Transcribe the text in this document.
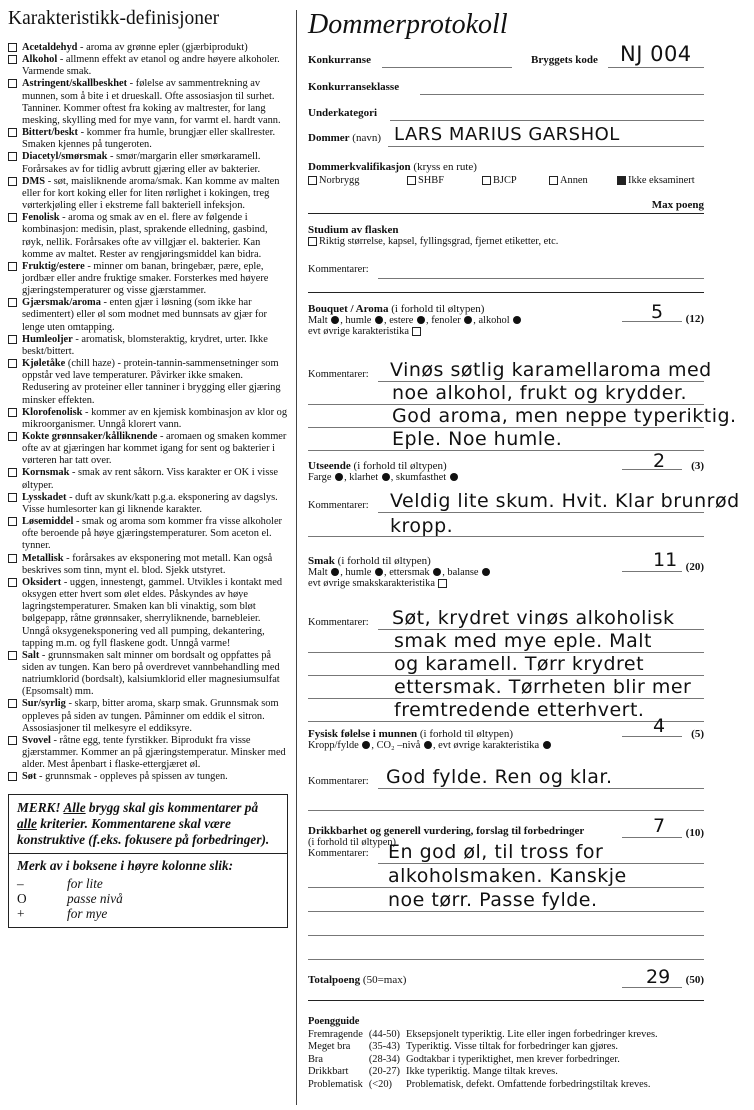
Karakteristikk-definisjoner
Acetaldehyd - aroma av grønne epler (gjærbiprodukt)
Alkohol - allmenn effekt av etanol og andre høyere alkoholer. Varmende smak.
Astringent/skallbeskhet - følelse av sammentrekning av munnen, som å bite i et drueskall. Ofte assosiasjon til surhet. Tanniner. Kommer oftest fra koking av maltrester, for lang mesking, skylling med for mye vann, for varmt el. hardt vann.
Bittert/beskt - kommer fra humle, brungjær eller skallrester. Smaken kjennes på tungeroten.
Diacetyl/smørsmak - smør/margarin eller smørkaramell. Forårsakes av for tidlig avbrutt gjæring eller av bakterier.
DMS - søt, maisliknende aroma/smak. Kan komme av malten eller for kort koking eller for liten rørlighet i kokingen, treg vørterkjøling eller i ekstreme fall bakteriell infeksjon.
Fenolisk - aroma og smak av en el. flere av følgende i kombinasjon: medisin, plast, sprakende elledning, gasbind, røyk, nellik. Forårsakes ofte av villgjær el. bakterier. Kan komme av maltet. Rester av rengjøringsmiddel kan bidra.
Fruktig/estere - minner om banan, bringebær, pære, eple, jordbær eller andre fruktige smaker. Forsterkes med høyere gjæringstemperaturer og visse gjærstammer.
Gjærsmak/aroma - enten gjær i løsning (som ikke har sedimentert) eller øl som modnet med bunnsats av gjær for lenge uten omtapping.
Humleoljer - aromatisk, blomsteraktig, krydret, urter. Ikke beskt/bittert.
Kjøletåke (chill haze) - protein-tannin-sammensetninger som oppstår ved lave temperaturer. Påvirker ikke smaken. Redusering av proteiner eller tanniner i brygging eller gjæring minsker effekten.
Klorofenolisk - kommer av en kjemisk kombinasjon av klor og mikroorganismer. Unngå klorert vann.
Kokte grønnsaker/kålliknende - aromaen og smaken kommer ofte av at gjæringen har kommet igang for sent og bakterier i vørteren har tatt over.
Kornsmak - smak av rent såkorn. Viss karakter er OK i visse øltyper.
Lysskadet - duft av skunk/katt p.g.a. eksponering av dagslys. Visse humlesorter kan gi liknende karakter.
Løsemiddel - smak og aroma som kommer fra visse alkoholer ofte beroende på høye gjæringstemperaturer. Som aceton el. tynner.
Metallisk - forårsakes av eksponering mot metall. Kan også beskrives som tinn, mynt el. blod. Sjekk utstyret.
Oksidert - uggen, innestengt, gammel. Utvikles i kontakt med oksygen etter hvert som ølet eldes. Påskyndes av høye lagringstemperaturer. Smaken kan bli vinaktig, som bløt bølgepapp, råtne grønnsaker, sherryliknende, barnebleier. Unngå oksygeneksponering ved all pumping, dekantering, tapping m.m. og fyll flaskene godt. Unngå varme!
Salt - grunnsmaken salt minner om bordsalt og oppfattes på siden av tungen. Kan bero på overdrevet vannbehandling med natriumklorid (bordsalt), kalsiumklorid eller magnesiumsulfat (Epsomsalt) mm.
Sur/syrlig - skarp, bitter aroma, skarp smak. Grunnsmak som oppleves på siden av tungen. Påminner om eddik el sitron. Assosiasjoner til melkesyre el eddiksyre.
Svovel - råtne egg, tente fyrstikker. Biprodukt fra visse gjærstammer. Kommer an på gjæringstemperatur. Minsker med alder. Mest åpenbart i flaske-ettergjæret øl.
Søt - grunnsmak - oppleves på spissen av tungen.
MERK! Alle brygg skal gis kommentarer på alle kriterier. Kommentarene skal være konstruktive (f.eks. fokusere på forbedringer).
Merk av i boksene i høyre kolonne slik:
–	for lite
O	passe nivå
+	for mye
Dommerprotokoll
Konkurranse	Bryggets kode NJ 004
Konkurranseklasse
Underkategori
Dommer (navn) LARS MARIUS GARSHOL
Dommerkvalifikasjon (kryss en rute)
Norbrygg	SHBF	BJCP	Annen	Ikke eksaminert
Max poeng
Studium av flasken
Riktig størrelse, kapsel, fyllingsgrad, fjernet etiketter, etc.
Kommentarer:
Bouquet / Aroma (i forhold til øltypen)	5 (12)
Malt , humle , estere , fenoler , alkohol
evt øvrige karakteristika
Kommentarer: Vinøs søtlig karamellaroma med
noe alkohol, frukt og krydder.
God aroma, men neppe typeriktig.
Eple. Noe humle.
Utseende (i forhold til øltypen)	2 (3)
Farge , klarhet , skumfasthet
Kommentarer: Veldig lite skum. Hvit. Klar brunrød
kropp.
Smak (i forhold til øltypen)	11 (20)
Malt , humle , ettersmak , balanse
evt øvrige smakskarakteristika
Kommentarer: Søt, krydret vinøs alkoholisk
smak med mye eple. Malt
og karamell. Tørr krydret
ettersmak. Tørrheten blir mer
fremtredende etterhvert.
Fysisk følelse i munnen (i forhold til øltypen)	4 (5)
Kropp/fylde , CO₂ –nivå , evt øvrige karakteristika
Kommentarer: God fylde. Ren og klar.
Drikkbarhet og generell vurdering, forslag til forbedringer
(i forhold til øltypen)
Kommentarer:
7 (10)
En god øl, til tross for
alkoholsmaken. Kanskje
noe tørr. Passe fylde.
Totalpoeng (50=max)	29 (50)
Poengguide
Fremragende	(44-50)	Eksepsjonelt typeriktig. Lite eller ingen forbedringer kreves.
Meget bra	(35-43)	Typeriktig. Visse tiltak for forbedringer kan gjøres.
Bra	(28-34)	Godtakbar i typeriktighet, men krever forbedringer.
Drikkbart	(20-27)	Ikke typeriktig. Mange tiltak kreves.
Problematisk	(<20)	Problematisk, defekt. Omfattende forbedringstiltak kreves.
